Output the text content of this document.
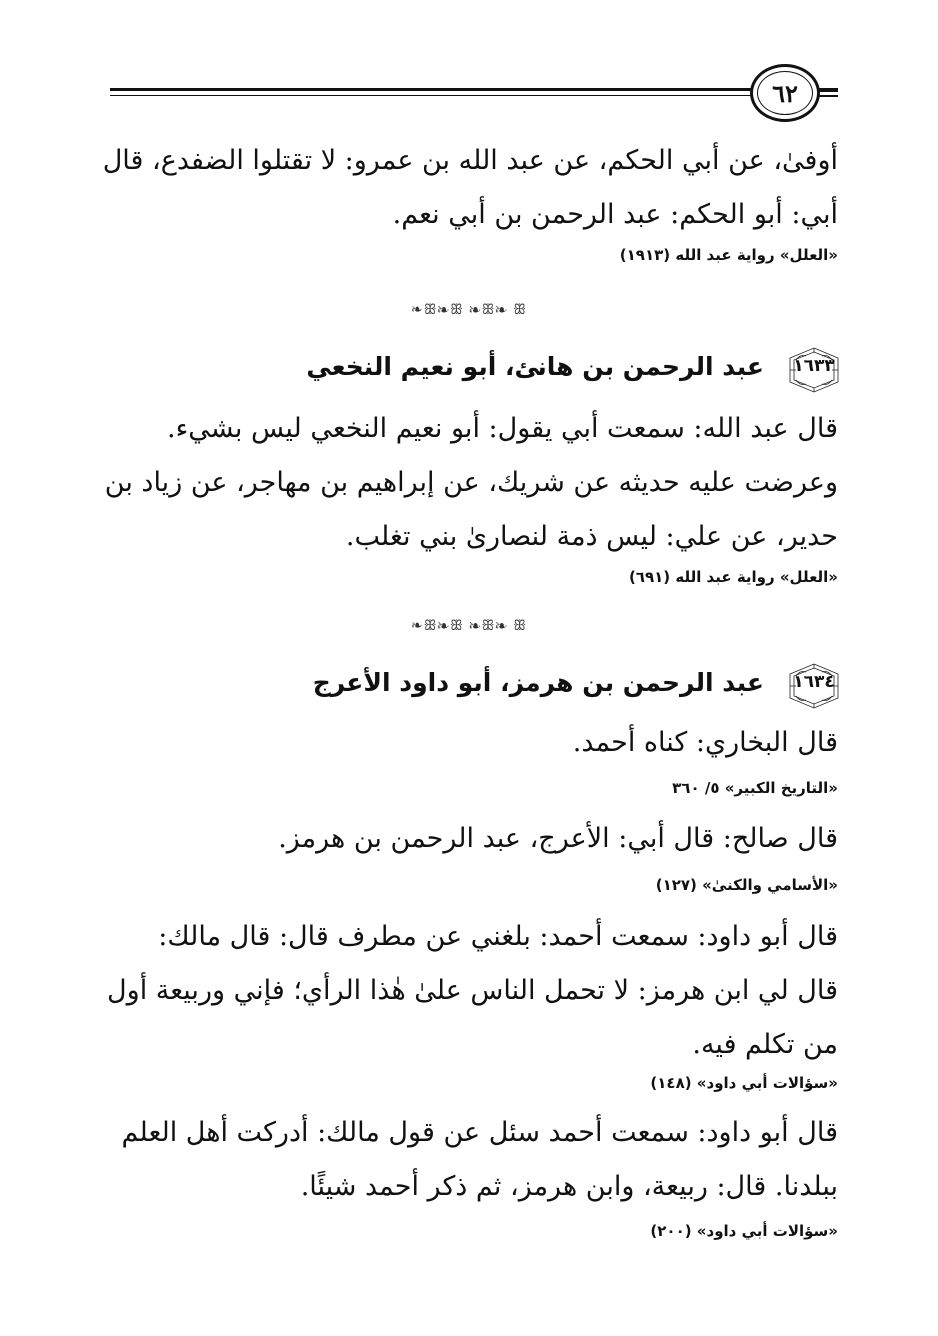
٦٢
أوفىٰ، عن أبي الحكم، عن عبد الله بن عمرو: لا تقتلوا الضفدع، قال
أبي: أبو الحكم: عبد الرحمن بن أبي نعم.
«العلل» رواية عبد الله (١٩١٣)
ꕥ❧ꕥ ❧ꕥ❧ ꕥ❧
١٦٣٣
عبد الرحمن بن هانئ، أبو نعيم النخعي
قال عبد الله: سمعت أبي يقول: أبو نعيم النخعي ليس بشيء.
وعرضت عليه حديثه عن شريك، عن إبراهيم بن مهاجر، عن زياد بن
حدير، عن علي: ليس ذمة لنصارىٰ بني تغلب.
«العلل» رواية عبد الله (٦٩١)
ꕥ❧ꕥ ❧ꕥ❧ ꕥ❧
١٦٣٤
عبد الرحمن بن هرمز، أبو داود الأعرج
قال البخاري: كناه أحمد.
«التاريخ الكبير» ٥/ ٣٦٠
قال صالح: قال أبي: الأعرج، عبد الرحمن بن هرمز.
«الأسامي والكنىٰ» (١٢٧)
قال أبو داود: سمعت أحمد: بلغني عن مطرف قال: قال مالك:
قال لي ابن هرمز: لا تحمل الناس علىٰ هٰذا الرأي؛ فإني وربيعة أول
من تكلم فيه.
«سؤالات أبي داود» (١٤٨)
قال أبو داود: سمعت أحمد سئل عن قول مالك: أدركت أهل العلم
ببلدنا. قال: ربيعة، وابن هرمز، ثم ذكر أحمد شيئًا.
«سؤالات أبي داود» (٢٠٠)
